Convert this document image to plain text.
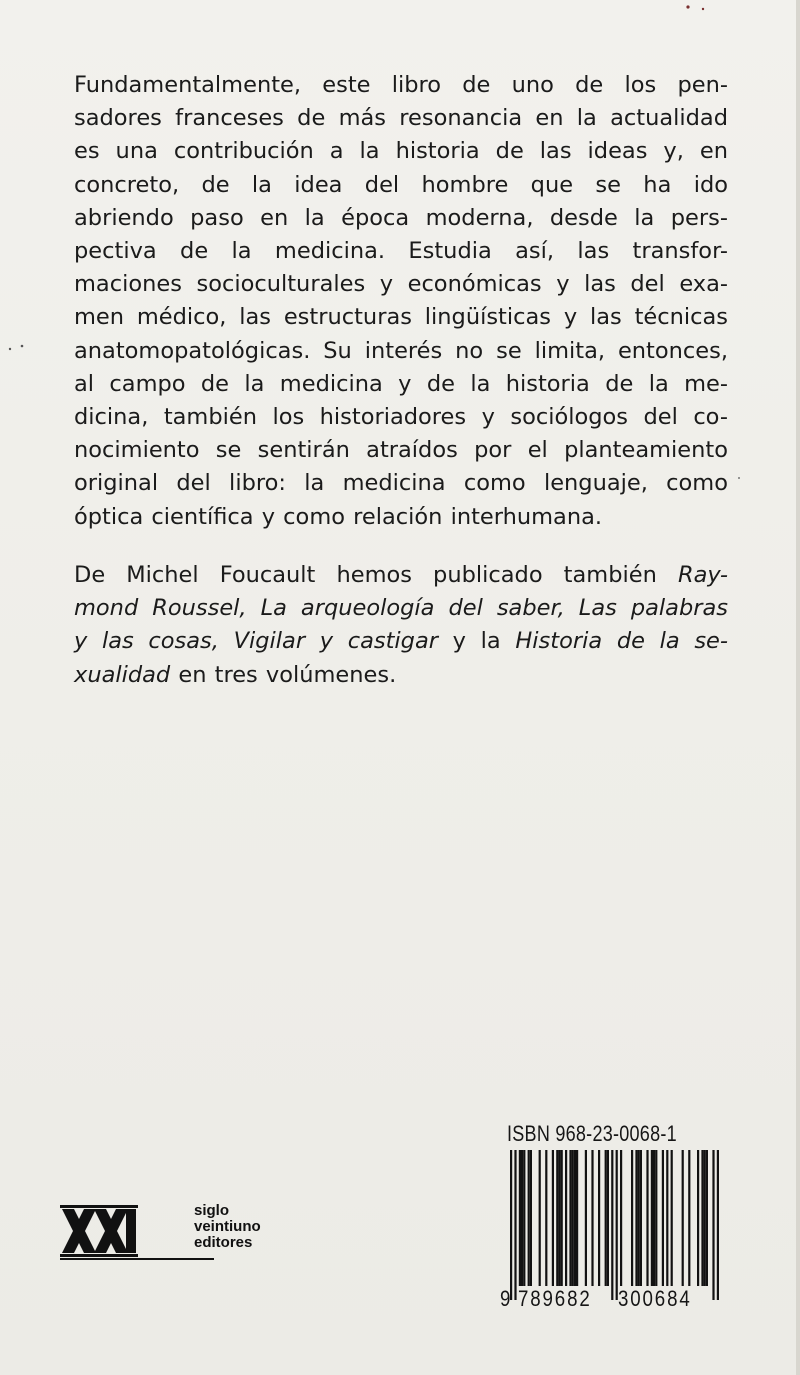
Fundamentalmente, este libro de uno de los pen-
sadores franceses de más resonancia en la actualidad
es una contribución a la historia de las ideas y, en
concreto, de la idea del hombre que se ha ido
abriendo paso en la época moderna, desde la pers-
pectiva de la medicina. Estudia así, las transfor-
maciones socioculturales y económicas y las del exa-
men médico, las estructuras lingüísticas y las técnicas
anatomopatológicas. Su interés no se limita, entonces,
al campo de la medicina y de la historia de la me-
dicina, también los historiadores y sociólogos del co-
nocimiento se sentirán atraídos por el planteamiento
original del libro: la medicina como lenguaje, como
óptica científica y como relación interhumana.
De Michel Foucault hemos publicado también Ray-
mond Roussel, La arqueología del saber, Las palabras
y las cosas, Vigilar y castigar y la Historia de la se-
xualidad en tres volúmenes.
siglo
veintiuno
editores
ISBN 968-23-0068-1
9 789682 300684
